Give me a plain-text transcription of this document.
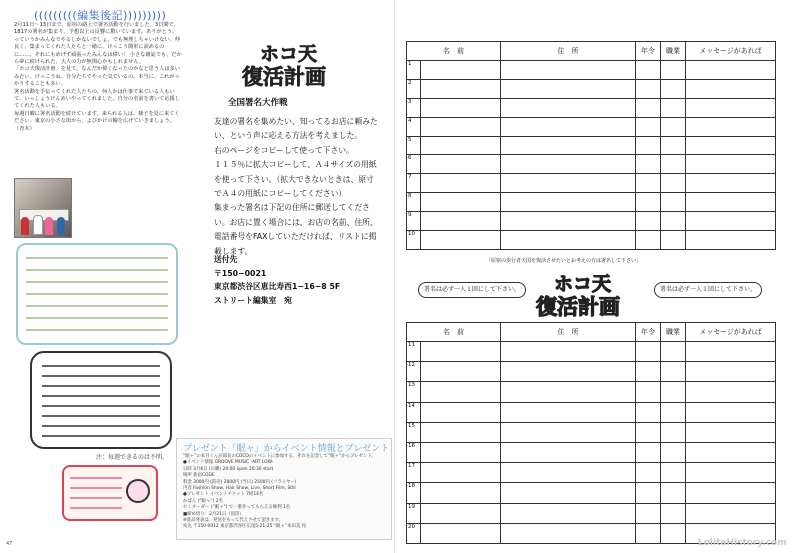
(((((((((編集後記)))))))))
2月11日〜13日まで、原宿の路上で署名活動を行いました。3日間で、1817の署名が集まり、予想以上の反響に驚いています。ありがとう。っていうかみんなでやるしかないでしょ。でも無理しちゃいけない。仲良く、集まってくれた人たちと一緒に、けっこう簡単に読めるのに……。それにもめげず頑張ったみんなは偉い！ 小さな雑誌でも、だから夢に続けられた、大人の力が無関心かもしれません。
「ホコ天復活計画」を見て、なんだか偉くなったのかなと思う人は多いみたい。けっこうね、自分たちでやった気でいるの。本当に、これがっかりすることも多い。
署名活動を手伝ってくれた人たちの、何人かは仕事で来ている人もいて、いっしょうけんめいやってくれました。自分の名前を書いて応援してくれた人もいる。
毎週日曜に署名活動を続けています。来られる人は、様子を見に来てください。東京の小さな街から、よびかけの輪を広げていきましょう。（青木）
注：毎週できるのは不明。
47
ホコ天
復活計画
全国署名大作戦
友達の署名を集めたい、知ってるお店に頼みたい、という声に応える方法を考えました。
右のページをコピーして使って下さい。
１１５％に拡大コピーして、Ａ４サイズの用紙を使って下さい。（拡大できないときは、原寸でＡ４の用紙にコピーしてください）
集まった署名は下記の住所に郵送してください。お店に置く場合には、お店の名前、住所、電話番号をFAXしていただければ、リストに掲載します。
送付先
〒150−0021
東京都渋谷区恵比寿西1−16−8 5F
ストリート編集室　宛
プレゼント「眠ャ」からイベント情報とプレゼント
“眠ャ”の本目くんが部長のCOCOのイベントに参加する。それを記念して“眠ャ”からプレゼント。
●イベント情報 GROOVE MUSIC -ART LOW-
日時 3月6日 (日曜) 20:00 open 20:30 start
場所 新宿CODE
料金 3000円 (前売) 2800円 (当日) 2500円 (フライヤー)
内容 Fashion Show, Hair Show, Live, Short Film, Still
●プレゼント イベントチケット 7組14名
かばん (“眠ャ”) 2名
セミオーダー (“眠ャ”) で一番作ってもらえる権利 1名
■締め切り：2月21日（消印）
※賞品発表は、発送をもって代えさせて頂きます。
宛先 〒150-0012 東京都渋谷区広尾5-21-25 “眠ャ”本田美 宛
名　前		住　所	年令	職業	メッセージがあれば
1					
2					
3					
4					
5					
6					
7					
8					
9					
10					
「原宿の歩行者天国を復活させたいとお考えの方は署名して下さい」
署名は必ず一人１回にして下さい。	署名は必ず一人１回にして下さい。
ホコ天
復活計画
名　前		住　所	年令	職業	メッセージがあれば
11					
12					
13					
14					
15					
16					
17					
18					
19					
20					
LolitaHistory.com
